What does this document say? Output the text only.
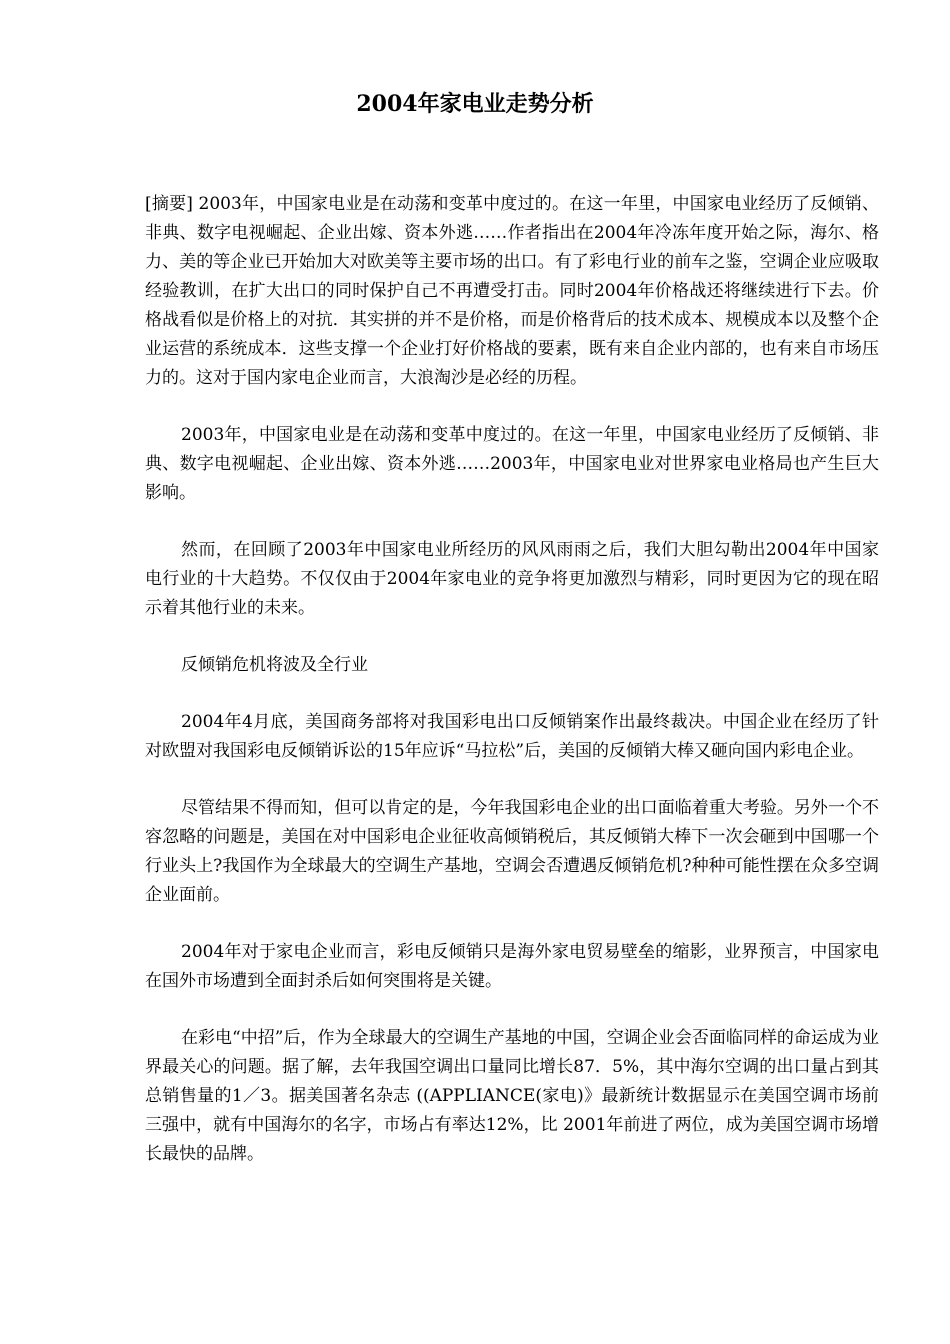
2004年家电业走势分析

[摘要] 2003年，中国家电业是在动荡和变革中度过的。在这一年里，中国家电业经历了反倾销、非典、数字电视崛起、企业出嫁、资本外逃……作者指出在2004年冷冻年度开始之际，海尔、格力、美的等企业已开始加大对欧美等主要市场的出口。有了彩电行业的前车之鉴，空调企业应吸取经验教训，在扩大出口的同时保护自己不再遭受打击。同时2004年价格战还将继续进行下去。价格战看似是价格上的对抗．其实拼的并不是价格，而是价格背后的技术成本、规模成本以及整个企业运营的系统成本．这些支撑一个企业打好价格战的要素，既有来自企业内部的，也有来自市场压力的。这对于国内家电企业而言，大浪淘沙是必经的历程。

2003年，中国家电业是在动荡和变革中度过的。在这一年里，中国家电业经历了反倾销、非典、数字电视崛起、企业出嫁、资本外逃……2003年，中国家电业对世界家电业格局也产生巨大影响。

然而，在回顾了2003年中国家电业所经历的风风雨雨之后，我们大胆勾勒出2004年中国家电行业的十大趋势。不仅仅由于2004年家电业的竞争将更加激烈与精彩，同时更因为它的现在昭示着其他行业的未来。

反倾销危机将波及全行业

2004年4月底，美国商务部将对我国彩电出口反倾销案作出最终裁决。中国企业在经历了针对欧盟对我国彩电反倾销诉讼的15年应诉“马拉松”后，美国的反倾销大棒又砸向国内彩电企业。

尽管结果不得而知，但可以肯定的是，今年我国彩电企业的出口面临着重大考验。另外一个不容忽略的问题是，美国在对中国彩电企业征收高倾销税后，其反倾销大棒下一次会砸到中国哪一个行业头上?我国作为全球最大的空调生产基地，空调会否遭遇反倾销危机?种种可能性摆在众多空调企业面前。

2004年对于家电企业而言，彩电反倾销只是海外家电贸易壁垒的缩影，业界预言，中国家电在国外市场遭到全面封杀后如何突围将是关键。

在彩电“中招”后，作为全球最大的空调生产基地的中国，空调企业会否面临同样的命运成为业界最关心的问题。据了解，去年我国空调出口量同比增长87．5%，其中海尔空调的出口量占到其总销售量的1／3。据美国著名杂志 ((APPLIANCE(家电)》最新统计数据显示在美国空调市场前三强中，就有中国海尔的名字，市场占有率达12%，比 2001年前进了两位，成为美国空调市场增长最快的品牌。
